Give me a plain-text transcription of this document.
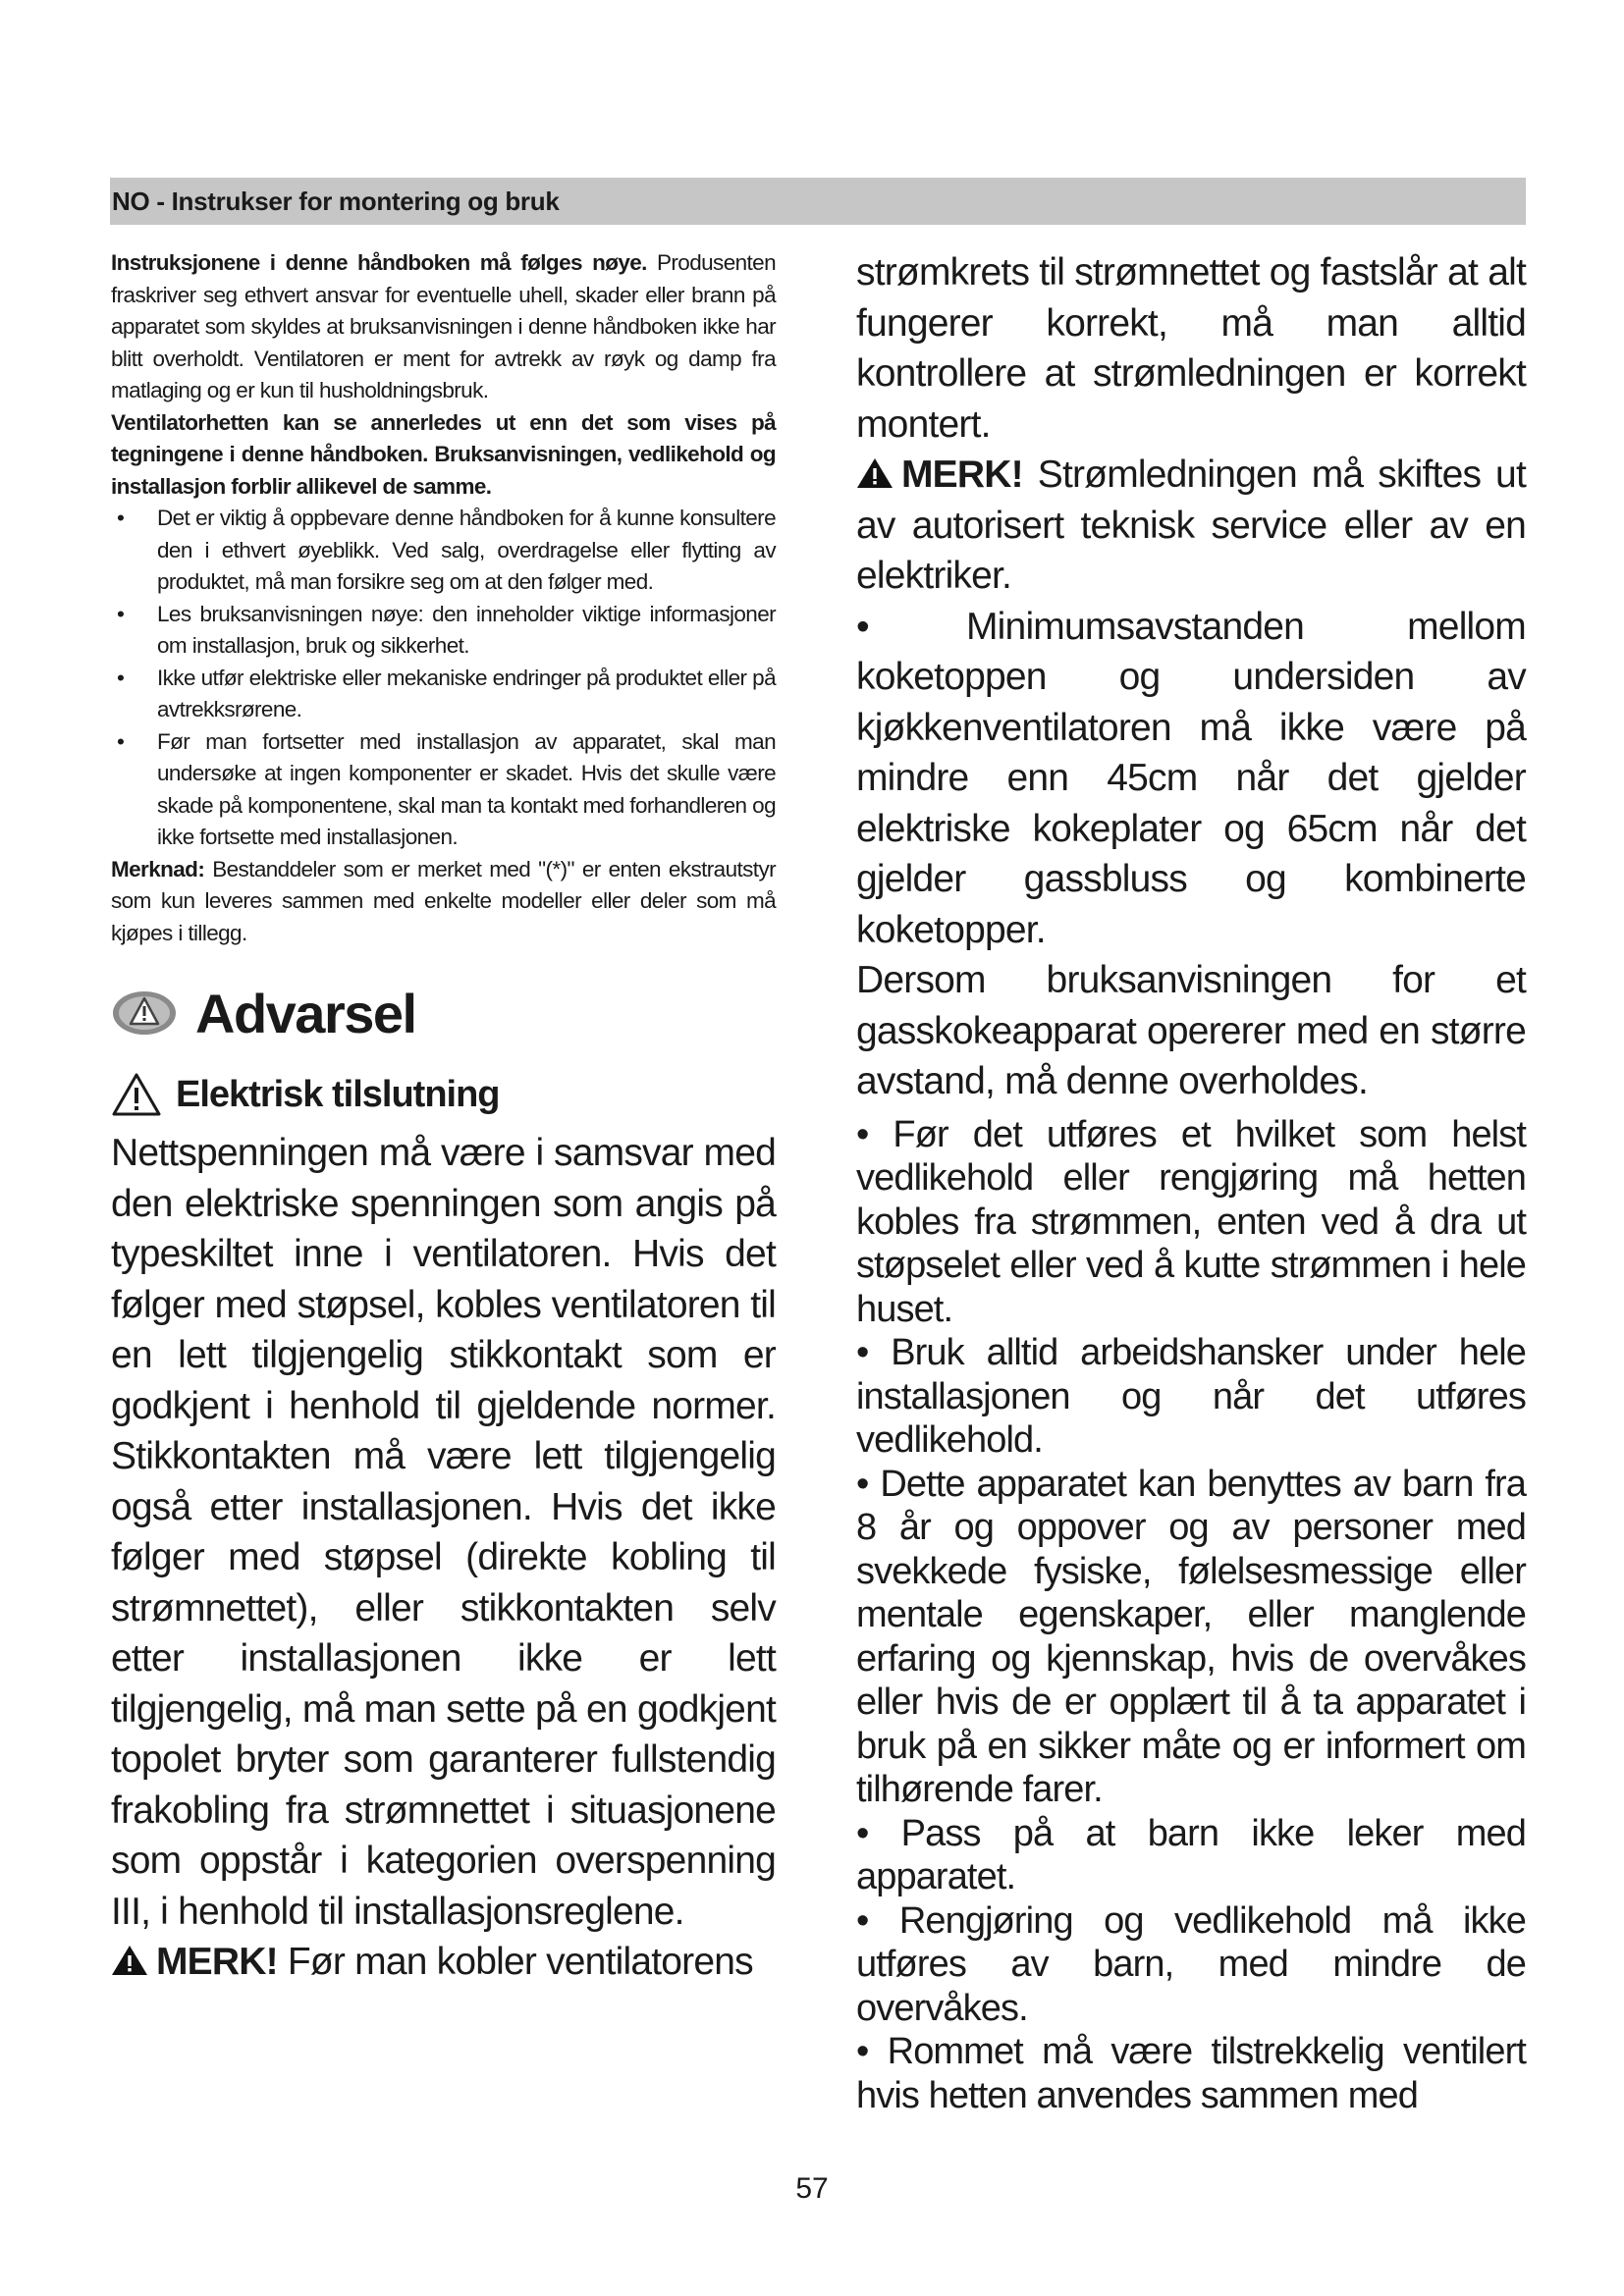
NO - Instrukser for montering og bruk

Instruksjonene i denne håndboken må følges nøye. Produsenten fraskriver seg ethvert ansvar for eventuelle uhell, skader eller brann på apparatet som skyldes at bruksanvisningen i denne håndboken ikke har blitt overholdt. Ventilatoren er ment for avtrekk av røyk og damp fra matlaging og er kun til husholdningsbruk.

Ventilatorhetten kan se annerledes ut enn det som vises på tegningene i denne håndboken. Bruksanvisningen, vedlikehold og installasjon forblir allikevel de samme.

• Det er viktig å oppbevare denne håndboken for å kunne konsultere den i ethvert øyeblikk. Ved salg, overdragelse eller flytting av produktet, må man forsikre seg om at den følger med.
• Les bruksanvisningen nøye: den inneholder viktige informasjoner om installasjon, bruk og sikkerhet.
• Ikke utfør elektriske eller mekaniske endringer på produktet eller på avtrekksrørene.
• Før man fortsetter med installasjon av apparatet, skal man undersøke at ingen komponenter er skadet. Hvis det skulle være skade på komponentene, skal man ta kontakt med forhandleren og ikke fortsette med installasjonen.

Merknad: Bestanddeler som er merket med "(*)" er enten ekstrautstyr som kun leveres sammen med enkelte modeller eller deler som må kjøpes i tillegg.

Advarsel
Elektrisk tilslutning

Nettspenningen må være i samsvar med den elektriske spenningen som angis på typeskiltet inne i ventilatoren. Hvis det følger med støpsel, kobles ventilatoren til en lett tilgjengelig stikkontakt som er godkjent i henhold til gjeldende normer. Stikkontakten må være lett tilgjengelig også etter installasjonen. Hvis det ikke følger med støpsel (direkte kobling til strømnettet), eller stikkontakten selv etter installasjonen ikke er lett tilgjengelig, må man sette på en godkjent topolet bryter som garanterer fullstendig frakobling fra strømnettet i situasjonene som oppstår i kategorien overspenning III, i henhold til installasjonsreglene.

MERK! Før man kobler ventilatorens

strømkrets til strømnettet og fastslår at alt fungerer korrekt, må man alltid kontrollere at strømledningen er korrekt montert.

MERK! Strømledningen må skiftes ut av autorisert teknisk service eller av en elektriker.

•	Minimumsavstanden mellom koketoppen og undersiden av kjøkkenventilatoren må ikke være på mindre enn 45cm når det gjelder elektriske kokeplater og 65cm når det gjelder gassbluss og kombinerte koketopper.

Dersom bruksanvisningen for et gasskokeapparat opererer med en større avstand, må denne overholdes.

• Før det utføres et hvilket som helst vedlikehold eller rengjøring må hetten kobles fra strømmen, enten ved å dra ut støpselet eller ved å kutte strømmen i hele huset.

• Bruk alltid arbeidshansker under hele installasjonen og når det utføres vedlikehold.

• Dette apparatet kan benyttes av barn fra 8 år og oppover og av personer med svekkede fysiske, følelsesmessige eller mentale egenskaper, eller manglende erfaring og kjennskap, hvis de overvåkes eller hvis de er opplært til å ta apparatet i bruk på en sikker måte og er informert om tilhørende farer.

• Pass på at barn ikke leker med apparatet.

• Rengjøring og vedlikehold må ikke utføres av barn, med mindre de overvåkes.

• Rommet må være tilstrekkelig ventilert hvis hetten anvendes sammen med

57
